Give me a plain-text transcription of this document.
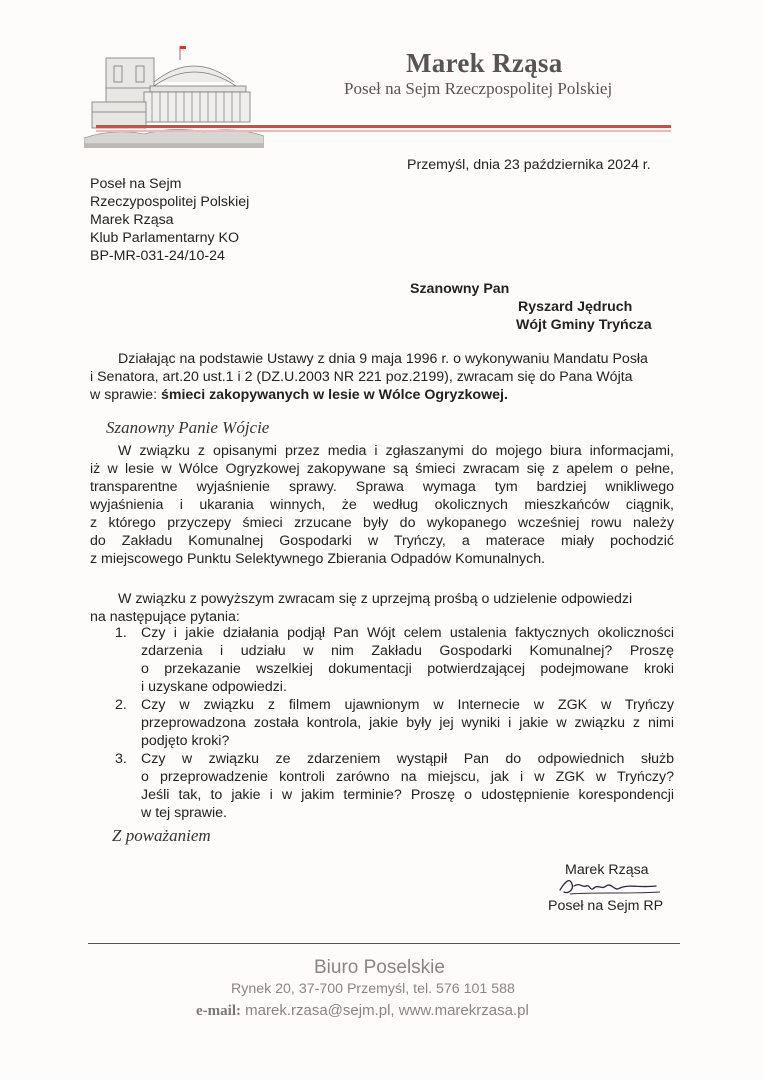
Marek Rząsa
Poseł na Sejm Rzeczpospolitej Polskiej
Przemyśl, dnia 23 października 2024 r.
Poseł na Sejm
Rzeczypospolitej Polskiej
Marek Rząsa
Klub Parlamentarny KO
BP-MR-031-24/10-24
Szanowny Pan
Ryszard Jędruch
Wójt Gminy Tryńcza
Działając na podstawie Ustawy z dnia 9 maja 1996 r. o wykonywaniu Mandatu Posła
i Senatora, art.20 ust.1 i 2 (DZ.U.2003 NR 221 poz.2199), zwracam się do Pana Wójta
w sprawie: śmieci zakopywanych w lesie w Wólce Ogryzkowej.
Szanowny Panie Wójcie
W związku z opisanymi przez media i zgłaszanymi do mojego biura informacjami,
iż w lesie w Wólce Ogryzkowej zakopywane są śmieci zwracam się z apelem o pełne,
transparentne wyjaśnienie sprawy. Sprawa wymaga tym bardziej wnikliwego
wyjaśnienia i ukarania winnych, że według okolicznych mieszkańców ciągnik,
z którego przyczepy śmieci zrzucane były do wykopanego wcześniej rowu należy
do Zakładu Komunalnej Gospodarki w Tryńczy, a materace miały pochodzić
z miejscowego Punktu Selektywnego Zbierania Odpadów Komunalnych.
W związku z powyższym zwracam się z uprzejmą prośbą o udzielenie odpowiedzi
na następujące pytania:
1. Czy i jakie działania podjął Pan Wójt celem ustalenia faktycznych okoliczności
zdarzenia i udziału w nim Zakładu Gospodarki Komunalnej? Proszę
o przekazanie wszelkiej dokumentacji potwierdzającej podejmowane kroki
i uzyskane odpowiedzi.
2. Czy w związku z filmem ujawnionym w Internecie w ZGK w Tryńczy
przeprowadzona została kontrola, jakie były jej wyniki i jakie w związku z nimi
podjęto kroki?
3. Czy w związku ze zdarzeniem wystąpił Pan do odpowiednich służb
o przeprowadzenie kontroli zarówno na miejscu, jak i w ZGK w Tryńczy?
Jeśli tak, to jakie i w jakim terminie? Proszę o udostępnienie korespondencji
w tej sprawie.
Z poważaniem
Marek Rząsa
Poseł na Sejm RP
Biuro Poselskie
Rynek 20, 37-700 Przemyśl, tel. 576 101 588
e-mail: marek.rzasa@sejm.pl, www.marekrzasa.pl
